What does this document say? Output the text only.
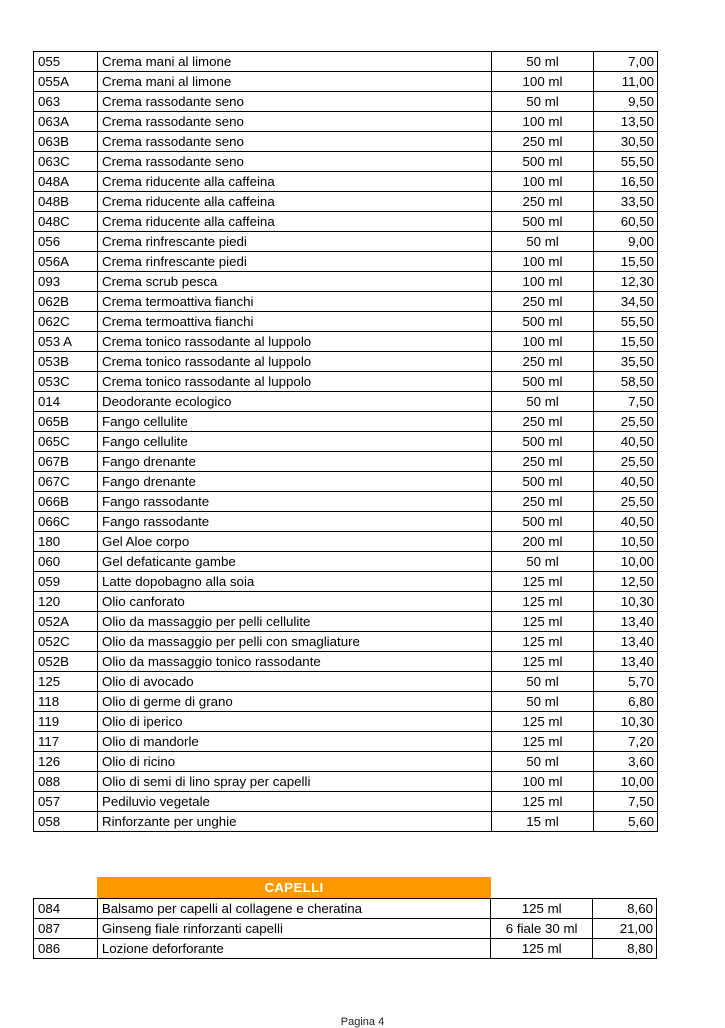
055	Crema mani al limone	50 ml	7,00
055A	Crema mani al limone	100 ml	11,00
063	Crema rassodante seno	50 ml	9,50
063A	Crema rassodante seno	100 ml	13,50
063B	Crema rassodante seno	250 ml	30,50
063C	Crema rassodante seno	500 ml	55,50
048A	Crema riducente alla caffeina	100 ml	16,50
048B	Crema riducente alla caffeina	250 ml	33,50
048C	Crema riducente alla caffeina	500 ml	60,50
056	Crema rinfrescante piedi	50 ml	9,00
056A	Crema rinfrescante piedi	100 ml	15,50
093	Crema scrub pesca	100 ml	12,30
062B	Crema termoattiva fianchi	250 ml	34,50
062C	Crema termoattiva fianchi	500 ml	55,50
053 A	Crema tonico rassodante al luppolo	100 ml	15,50
053B	Crema tonico rassodante al luppolo	250 ml	35,50
053C	Crema tonico rassodante al luppolo	500 ml	58,50
014	Deodorante ecologico	50 ml	7,50
065B	Fango cellulite	250 ml	25,50
065C	Fango cellulite	500 ml	40,50
067B	Fango drenante	250 ml	25,50
067C	Fango drenante	500 ml	40,50
066B	Fango rassodante	250 ml	25,50
066C	Fango rassodante	500 ml	40,50
180	Gel Aloe corpo	200 ml	10,50
060	Gel defaticante gambe	50 ml	10,00
059	Latte dopobagno alla soia	125 ml	12,50
120	Olio canforato	125 ml	10,30
052A	Olio da massaggio per pelli cellulite	125 ml	13,40
052C	Olio da massaggio per pelli con smagliature	125 ml	13,40
052B	Olio da massaggio tonico rassodante	125 ml	13,40
125	Olio di avocado	50 ml	5,70
118	Olio di germe di grano	50 ml	6,80
119	Olio di iperico	125 ml	10,30
117	Olio di mandorle	125 ml	7,20
126	Olio di ricino	50 ml	3,60
088	Olio di semi di lino spray per capelli	100 ml	10,00
057	Pediluvio vegetale	125 ml	7,50
058	Rinforzante per unghie	15 ml	5,60
CAPELLI
084	Balsamo per capelli al collagene e cheratina	125 ml	8,60
087	Ginseng fiale rinforzanti capelli	6 fiale 30 ml	21,00
086	Lozione deforforante	125 ml	8,80
Pagina 4
